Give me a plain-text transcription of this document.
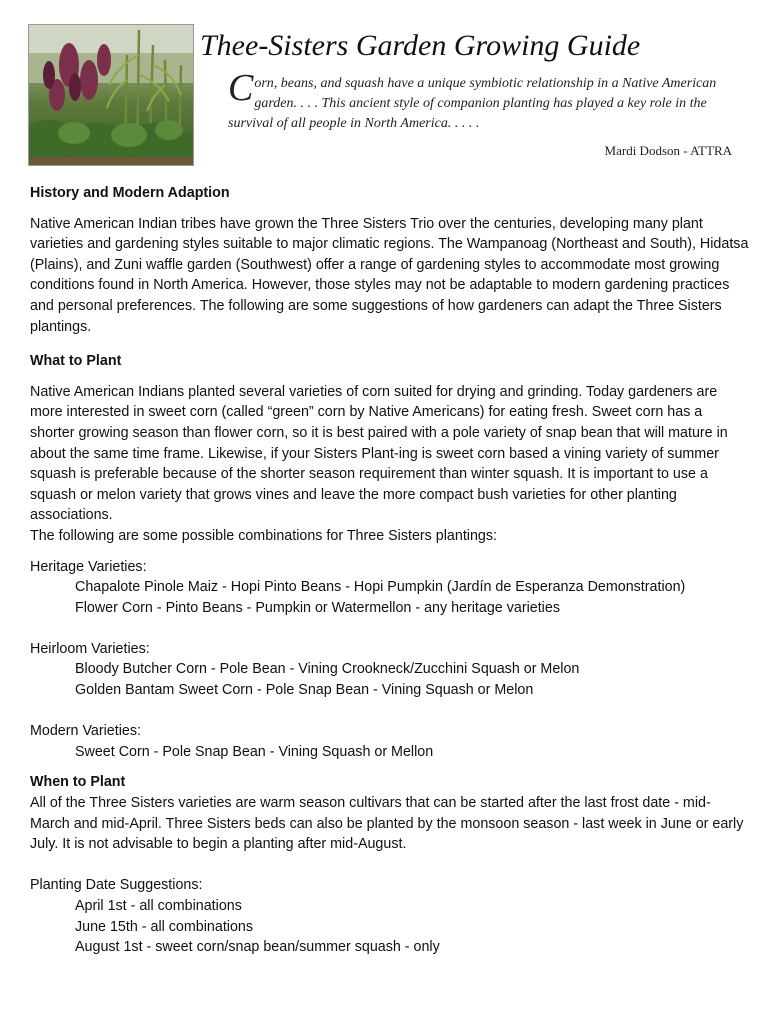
Thee-Sisters Garden Growing Guide
Corn, beans, and squash have a unique symbiotic relationship in a Native American garden. . . . This ancient style of companion planting has played a key role in the survival of all people in North America. . . . .
Mardi Dodson - ATTRA
History and Modern Adaption

Native American Indian tribes have grown the Three Sisters Trio over the centuries, developing many plant varieties and gardening styles suitable to major climatic regions. The Wampanoag (Northeast and South), Hidatsa (Plains), and Zuni waffle garden (Southwest) offer a range of gardening styles to accommodate most growing conditions found in North America. However, those styles may not be adaptable to modern gardening practices and personal preferences. The following are some suggestions of how gardeners can adapt the Three Sisters plantings.

What to Plant

Native American Indians planted several varieties of corn suited for drying and grinding. Today gardeners are more interested in sweet corn (called “green” corn by Native Americans) for eating fresh. Sweet corn has a shorter growing season than flower corn, so it is best paired with a pole variety of snap bean that will mature in about the same time frame. Likewise, if your Sisters Plant-ing is sweet corn based a vining variety of summer squash is preferable because of the shorter season requirement than winter squash. It is important to use a squash or melon variety that grows vines and leave the more compact bush varieties for other planting associations.

The following are some possible combinations for Three Sisters plantings:

Heritage Varieties:

Chapalote Pinole Maiz - Hopi Pinto Beans - Hopi Pumpkin (Jardín de Esperanza Demonstration)

Flower Corn - Pinto Beans - Pumpkin or Watermellon - any heritage varieties

Heirloom Varieties:

Bloody Butcher Corn - Pole Bean - Vining Crookneck/Zucchini Squash or Melon

Golden Bantam Sweet Corn - Pole Snap Bean - Vining Squash or Melon

Modern Varieties:

Sweet Corn - Pole Snap Bean - Vining Squash or Mellon

When to Plant

All of the Three Sisters varieties are warm season cultivars that can be started after the last frost date - mid-March and mid-April. Three Sisters beds can also be planted by the monsoon season - last week in June or early July. It is not advisable to begin a planting after mid-August.

Planting Date Suggestions:

April 1st - all combinations

June 15th - all combinations

August 1st - sweet corn/snap bean/summer squash - only
